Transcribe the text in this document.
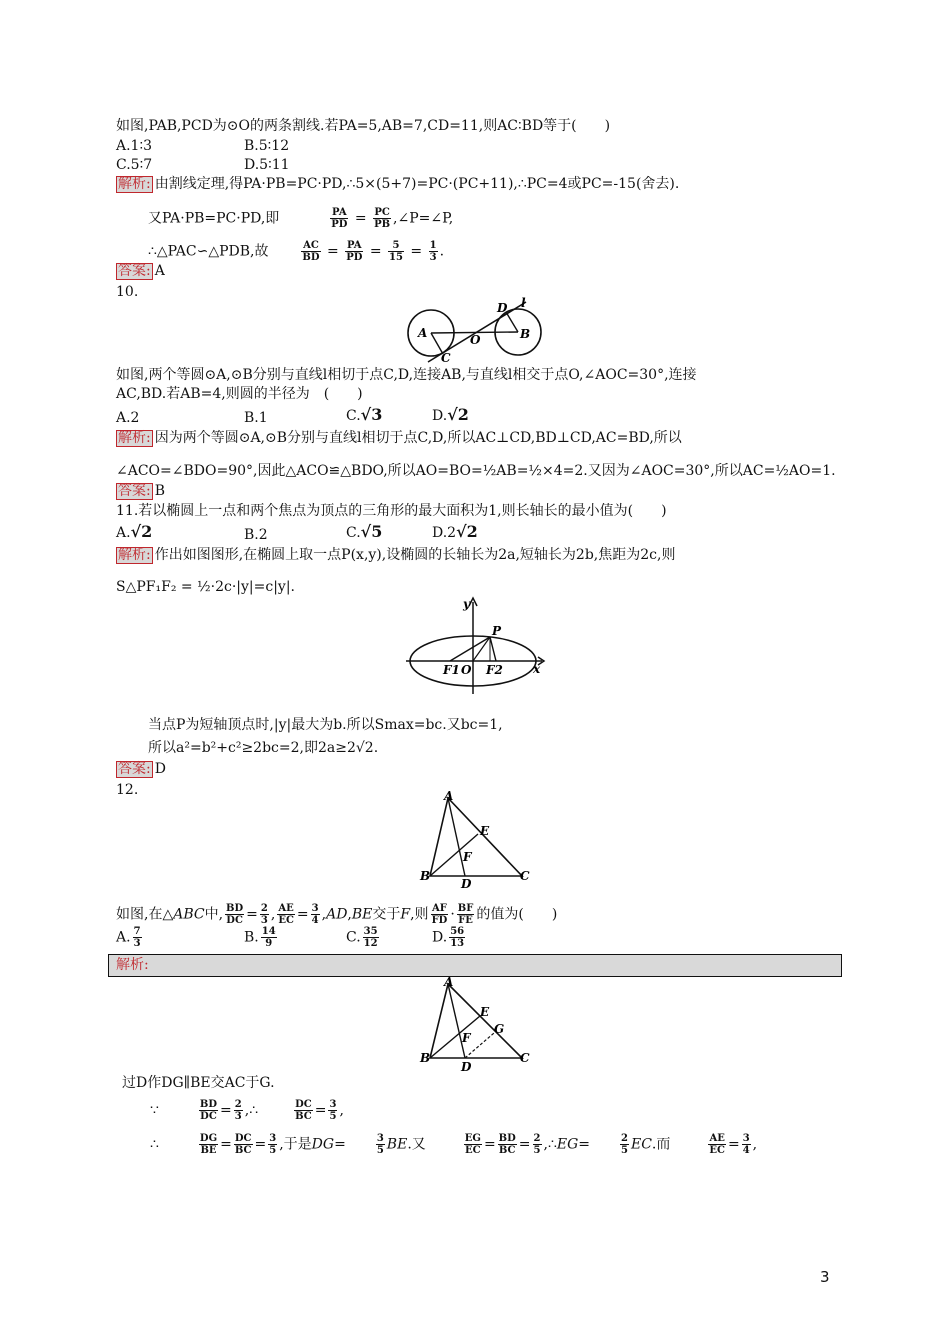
如图,PAB,PCD为⊙O的两条割线.若PA=5,AB=7,CD=11,则AC∶BD等于(　　)
A.1∶3	B.5∶12
C.5∶7	D.5∶11
解析: 由割线定理,得PA·PB=PC·PD,∴5×(5+7)=PC·(PC+11),∴PC=4或PC=-15(舍去).
又PA·PB=PC·PD,即	$\frac{PA}{PD} = \frac{PC}{PB}$ ,∠P=∠P,
∴△PAC∽△PDB,故	$\frac{AC}{BD} = \frac{PA}{PD} = \frac{5}{15} = \frac{1}{3}$ .
答案: A
10.
A	B
C
D
O
l
如图,两个等圆⊙A,⊙B分别与直线l相切于点C,D,连接AB,与直线l相交于点O,∠AOC=30°,连接
AC,BD.若AB=4,则圆的半径为　(　　)
A.2	B.1	C.√3	D.√2
解析: 因为两个等圆⊙A,⊙B分别与直线l相切于点C,D,所以AC⊥CD,BD⊥CD,AC=BD,所以
∠ACO=∠BDO=90°,因此△ACO≌△BDO,所以AO=BO=½AB=½×4=2.又因为∠AOC=30°,所以AC=½AO=1.
答案: B
11.若以椭圆上一点和两个焦点为顶点的三角形的最大面积为1,则长轴长的最小值为(　　)
A.√2	B.2	C.√5	D.2√2
解析: 作出如图图形,在椭圆上取一点P(x,y),设椭圆的长轴长为2a,短轴长为2b,焦距为2c,则
S△PF₁F₂ = ½·2c·|y|=c|y|.
y
x
P
F1 O F2
当点P为短轴顶点时,|y|最大为b.所以Smax=bc.又bc=1,
所以a²=b²+c²≥2bc=2,即2a≥2√2.
答案: D
12.	A
E
F
B
D
C
如图,在△ABC中, $\frac{BD}{DC} = \frac{2}{3}$ , $\frac{AE}{EC} = \frac{3}{4} ,AD,BE$交于F,则 $\frac{AF}{FD} \cdot \frac{BF}{FE}$ 的值为(　　)
A. $\frac{7}{3}$	B. $\frac{14}{9}$	C. $\frac{35}{12}$	D. $\frac{56}{13}$
解析:
A
E
G
F
B
D
C
过D作DG∥BE交AC于G.
∵	$\frac{BD}{DC} = \frac{2}{3}$ ,∴	$\frac{DC}{BC} = \frac{3}{5}$ ,
∴	$\frac{DG}{BE} = \frac{DC}{BC} = \frac{3}{5}$ ,于是DG=	$\frac{3}{5}$ BE.又	$\frac{EG}{EC} = \frac{BD}{BC} = \frac{2}{5}$ ,∴EG=	$\frac{2}{5}$ EC.而	$\frac{AE}{EC} = \frac{3}{4}$ ,
3
